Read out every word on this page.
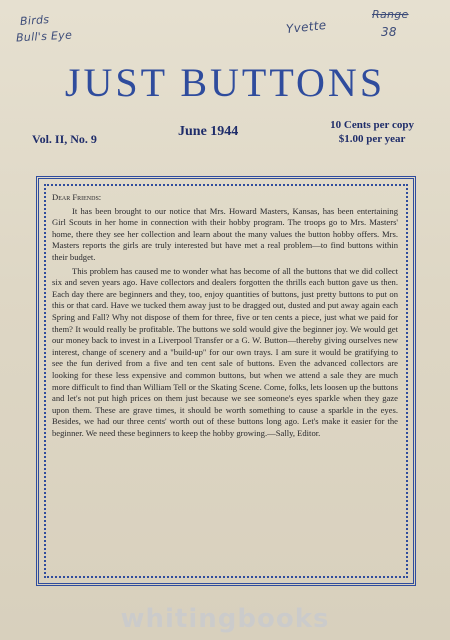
Birds
Bull's Eye
Yvette
Range
38
JUST BUTTONS
Vol. II, No. 9	June 1944	10 Cents per copy
$1.00 per year
Dear Friends:

It has been brought to our notice that Mrs. Howard Masters, Kansas, has been entertaining Girl Scouts in her home in connection with their hobby program. The troops go to Mrs. Masters' home, there they see her collection and learn about the many values the button hobby offers. Mrs. Masters reports the girls are truly interested but have met a real problem—to find buttons within their budget.

This problem has caused me to wonder what has become of all the buttons that we did collect six and seven years ago. Have collectors and dealers forgotten the thrills each button gave us then. Each day there are beginners and they, too, enjoy quantities of buttons, just pretty buttons to put on this or that card. Have we tucked them away just to be dragged out, dusted and put away again each Spring and Fall? Why not dispose of them for three, five or ten cents a piece, just what we paid for them? It would really be profitable. The buttons we sold would give the beginner joy. We would get our money back to invest in a Liverpool Transfer or a G. W. Button—thereby giving ourselves new interest, change of scenery and a "build-up" for our own trays. I am sure it would be gratifying to see the fun derived from a five and ten cent sale of buttons. Even the advanced collectors are looking for these less expensive and common buttons, but when we attend a sale they are much more difficult to find than William Tell or the Skating Scene. Come, folks, lets loosen up the buttons and let's not put high prices on them just because we see someone's eyes sparkle when they gaze upon them. These are grave times, it should be worth something to cause a sparkle in the eyes. Besides, we had our three cents' worth out of these buttons long ago. Let's make it easier for the beginner. We need these beginners to keep the hobby growing.—Sally, Editor.

whitingbooks
